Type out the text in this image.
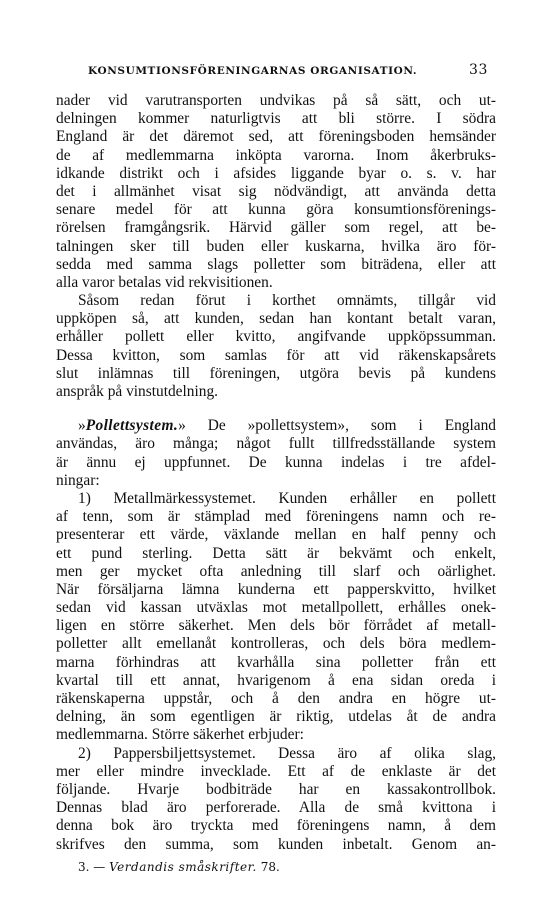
KONSUMTIONSFÖRENINGARNAS ORGANISATION.	33
nader vid varutransporten undvikas på så sätt, och ut-
delningen kommer naturligtvis att bli större. I södra
England är det däremot sed, att föreningsboden hemsänder
de af medlemmarna inköpta varorna. Inom åkerbruks-
idkande distrikt och i afsides liggande byar o. s. v. har
det i allmänhet visat sig nödvändigt, att använda detta
senare medel för att kunna göra konsumtionsförenings-
rörelsen framgångsrik. Härvid gäller som regel, att be-
talningen sker till buden eller kuskarna, hvilka äro för-
sedda med samma slags polletter som biträdena, eller att
alla varor betalas vid rekvisitionen.
Såsom redan förut i korthet omnämts, tillgår vid
uppköpen så, att kunden, sedan han kontant betalt varan,
erhåller pollett eller kvitto, angifvande uppköpssumman.
Dessa kvitton, som samlas för att vid räkenskapsårets
slut inlämnas till föreningen, utgöra bevis på kundens
anspråk på vinstutdelning.
»Pollettsystem.» De »pollettsystem», som i England
användas, äro många; något fullt tillfredsställande system
är ännu ej uppfunnet. De kunna indelas i tre afdel-
ningar:
1) Metallmärkessystemet. Kunden erhåller en pollett
af tenn, som är stämplad med föreningens namn och re-
presenterar ett värde, växlande mellan en half penny och
ett pund sterling. Detta sätt är bekvämt och enkelt,
men ger mycket ofta anledning till slarf och oärlighet.
När försäljarna lämna kunderna ett papperskvitto, hvilket
sedan vid kassan utväxlas mot metallpollett, erhålles onek-
ligen en större säkerhet. Men dels bör förrådet af metall-
polletter allt emellanåt kontrolleras, och dels böra medlem-
marna förhindras att kvarhålla sina polletter från ett
kvartal till ett annat, hvarigenom å ena sidan oreda i
räkenskaperna uppstår, och å den andra en högre ut-
delning, än som egentligen är riktig, utdelas åt de andra
medlemmarna. Större säkerhet erbjuder:
2) Pappersbiljettsystemet. Dessa äro af olika slag,
mer eller mindre invecklade. Ett af de enklaste är det
följande. Hvarje bodbiträde har en kassakontrollbok.
Dennas blad äro perforerade. Alla de små kvittona i
denna bok äro tryckta med föreningens namn, å dem
skrifves den summa, som kunden inbetalt. Genom an-
3. — Verdandis småskrifter. 78.
